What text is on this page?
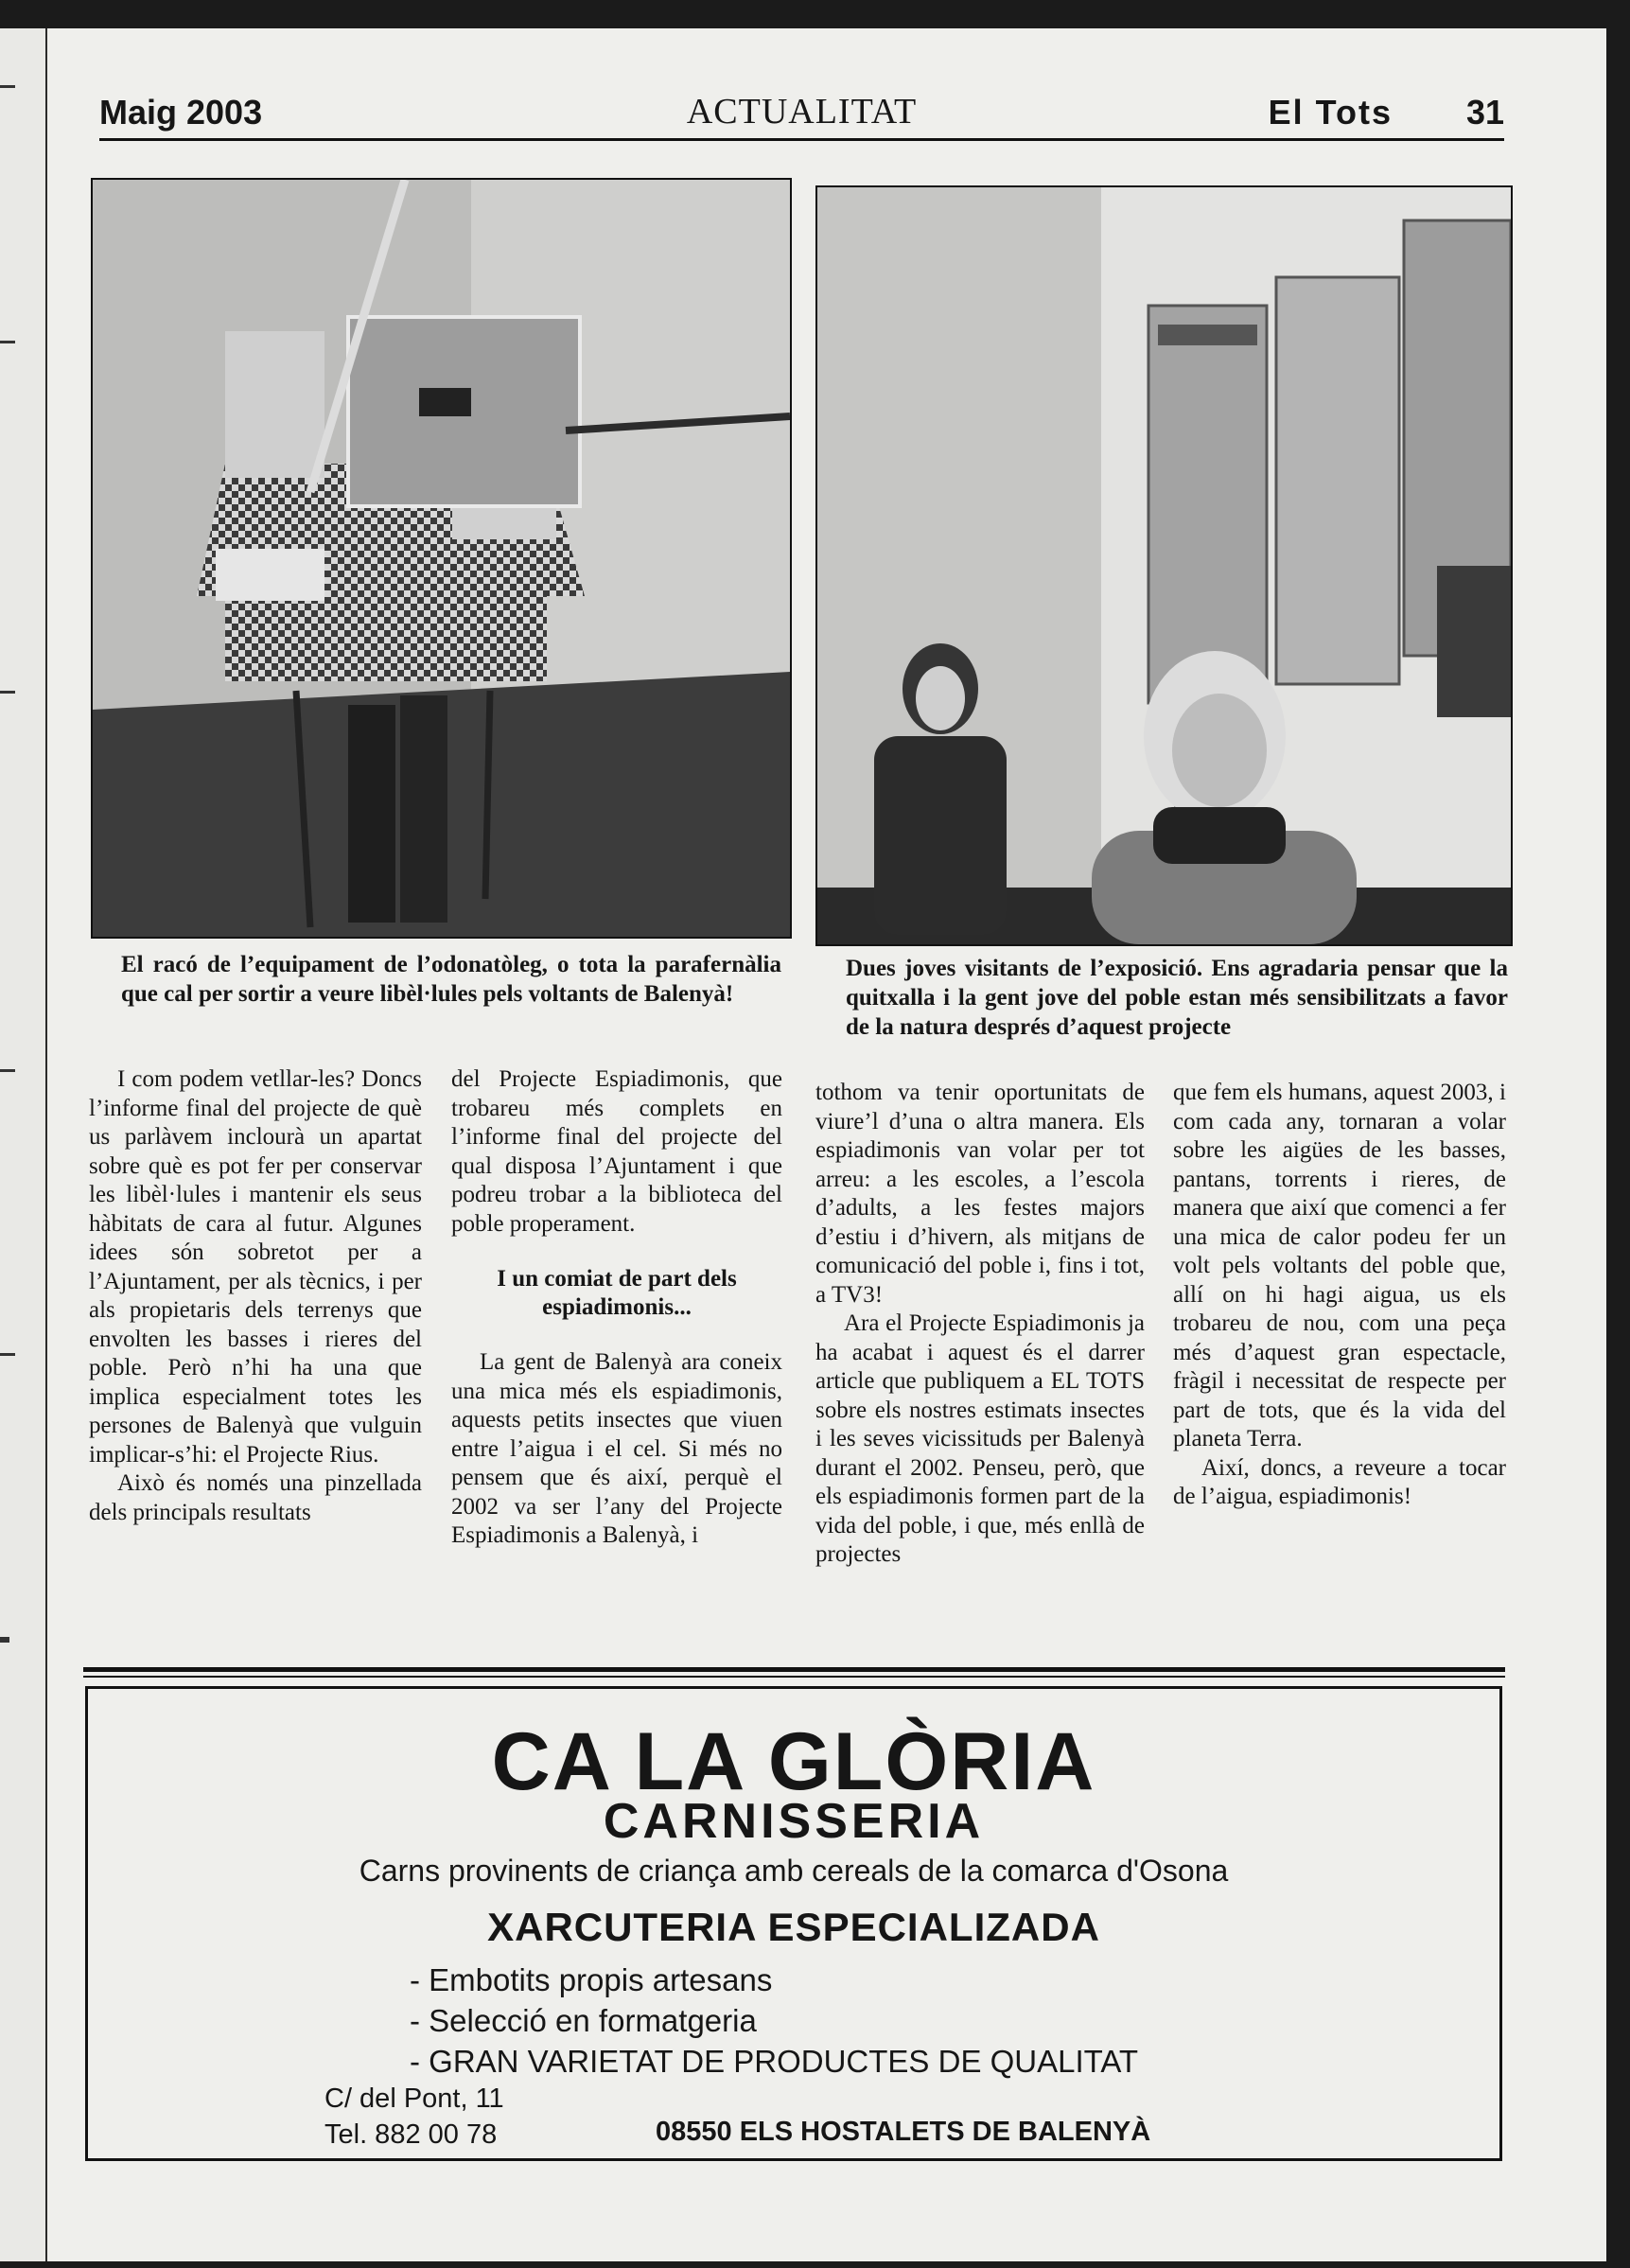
Maig 2003	ACTUALITAT	El Tots 31
El racó de l’equipament de l’odonatòleg, o tota la parafernàlia que cal per sortir a veure libèl·lules pels voltants de Balenyà!
Dues joves visitants de l’exposició. Ens agradaria pensar que la quitxalla i la gent jove del poble estan més sensibilitzats a favor de la natura després d’aquest projecte

I com podem vetllar-les? Doncs l’informe final del projecte de què us parlàvem inclourà un apartat sobre què es pot fer per conservar les libèl·lules i mantenir els seus hàbitats de cara al futur. Algunes idees són sobretot per a l’Ajuntament, per als tècnics, i per als propietaris dels terrenys que envolten les basses i rieres del poble. Però n’hi ha una que implica especialment totes les persones de Balenyà que vulguin implicar-s’hi: el Projecte Rius.

Això és només una pinzellada dels principals resultats

del Projecte Espiadimonis, que trobareu més complets en l’informe final del projecte del qual disposa l’Ajuntament i que podreu trobar a la biblioteca del poble properament.

I un comiat de part dels espiadimonis...

La gent de Balenyà ara coneix una mica més els espiadimonis, aquests petits insectes que viuen entre l’aigua i el cel. Si més no pensem que és així, perquè el 2002 va ser l’any del Projecte Espiadimonis a Balenyà, i

tothom va tenir oportunitats de viure’l d’una o altra manera. Els espiadimonis van volar per tot arreu: a les escoles, a l’escola d’adults, a les festes majors d’estiu i d’hivern, als mitjans de comunicació del poble i, fins i tot, a TV3!

Ara el Projecte Espiadimonis ja ha acabat i aquest és el darrer article que publiquem a EL TOTS sobre els nostres estimats insectes i les seves vicissituds per Balenyà durant el 2002. Penseu, però, que els espiadimonis formen part de la vida del poble, i que, més enllà de projectes

que fem els humans, aquest 2003, i com cada any, tornaran a volar sobre les aigües de les basses, pantans, torrents i rieres, de manera que així que comenci a fer una mica de calor podeu fer un volt pels voltants del poble que, allí on hi hagi aigua, us els trobareu de nou, com una peça més d’aquest gran espectacle, fràgil i necessitat de respecte per part de tots, que és la vida del planeta Terra.

Així, doncs, a reveure a tocar de l’aigua, espiadimonis!

CA LA GLÒRIA
CARNISSERIA
Carns provinents de criança amb cereals de la comarca d'Osona
XARCUTERIA ESPECIALIZADA
- Embotits propis artesans
- Selecció en formatgeria
- GRAN VARIETAT DE PRODUCTES DE QUALITAT
C/ del Pont, 11
Tel. 882 00 78	08550 ELS HOSTALETS DE BALENYÀ
